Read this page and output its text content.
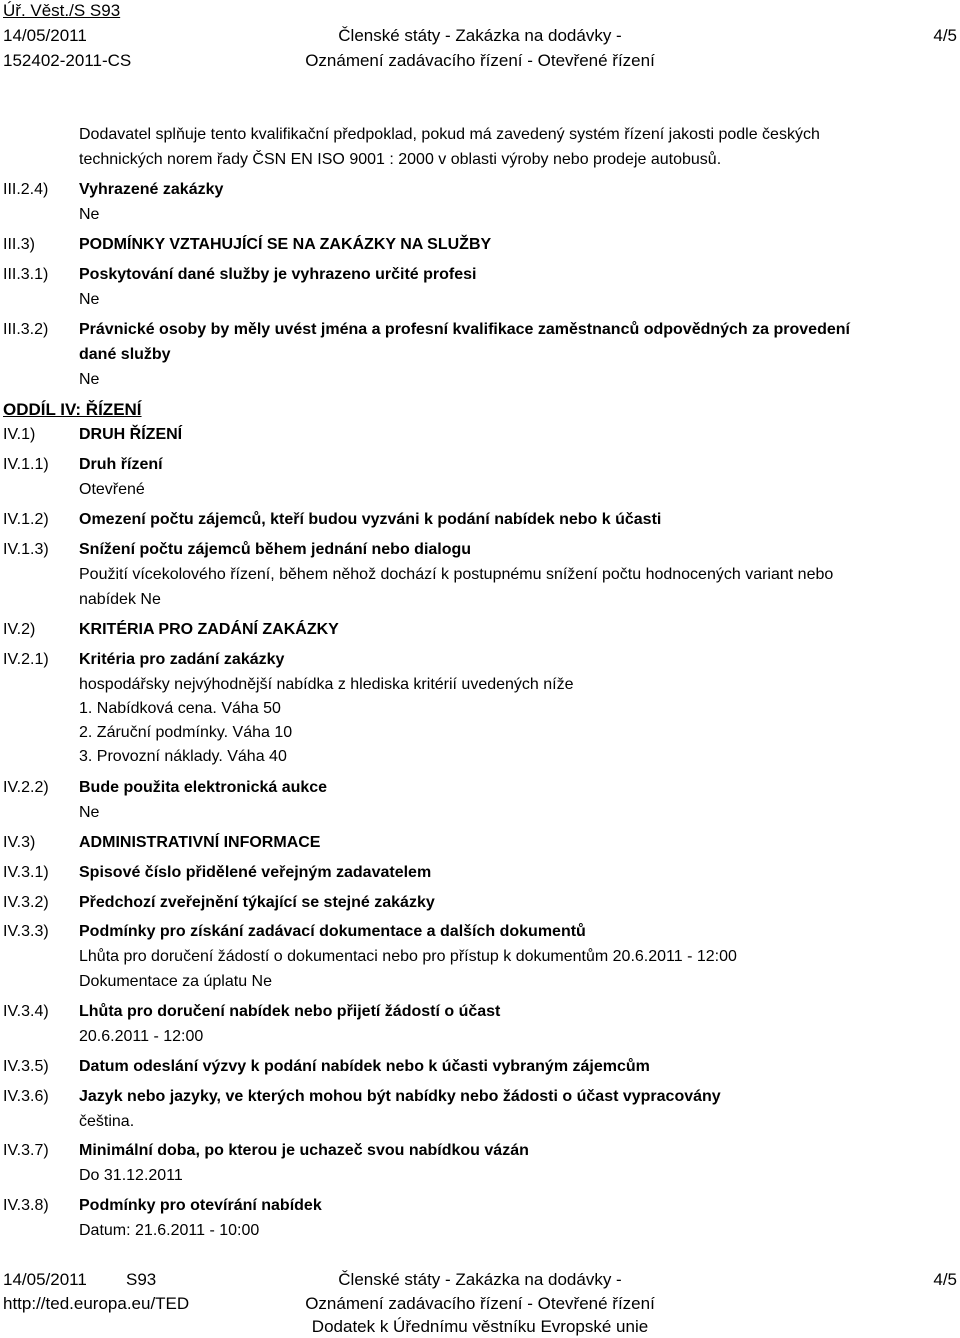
Úř. Věst./S S93
14/05/2011
152402-2011-CS
Členské státy - Zakázka na dodávky -
Oznámení zadávacího řízení - Otevřené řízení
4/5
Dodavatel splňuje tento kvalifikační předpoklad, pokud má zavedený systém řízení jakosti podle českých
technických norem řady ČSN EN ISO 9001 : 2000 v oblasti výroby nebo prodeje autobusů.
III.2.4) Vyhrazené zakázky
Ne
III.3)	PODMÍNKY VZTAHUJÍCÍ SE NA ZAKÁZKY NA SLUŽBY
III.3.1) Poskytování dané služby je vyhrazeno určité profesi
Ne
III.3.2) Právnické osoby by měly uvést jména a profesní kvalifikace zaměstnanců odpovědných za provedení
dané služby
Ne
ODDÍL IV: ŘÍZENÍ
IV.1)	DRUH ŘÍZENÍ
IV.1.1) Druh řízení
Otevřené
IV.1.2) Omezení počtu zájemců, kteří budou vyzváni k podání nabídek nebo k účasti
IV.1.3) Snížení počtu zájemců během jednání nebo dialogu
Použití vícekolového řízení, během něhož dochází k postupnému snížení počtu hodnocených variant nebo
nabídek Ne
IV.2)	KRITÉRIA PRO ZADÁNÍ ZAKÁZKY
IV.2.1) Kritéria pro zadání zakázky
hospodářsky nejvýhodnější nabídka z hlediska kritérií uvedených níže
1. Nabídková cena. Váha 50
2. Záruční podmínky. Váha 10
3. Provozní náklady. Váha 40
IV.2.2) Bude použita elektronická aukce
Ne
IV.3)	ADMINISTRATIVNÍ INFORMACE
IV.3.1) Spisové číslo přidělené veřejným zadavatelem
IV.3.2) Předchozí zveřejnění týkající se stejné zakázky
IV.3.3) Podmínky pro získání zadávací dokumentace a dalších dokumentů
Lhůta pro doručení žádostí o dokumentaci nebo pro přístup k dokumentům 20.6.2011 - 12:00
Dokumentace za úplatu Ne
IV.3.4) Lhůta pro doručení nabídek nebo přijetí žádostí o účast
20.6.2011 - 12:00
IV.3.5) Datum odeslání výzvy k podání nabídek nebo k účasti vybraným zájemcům
IV.3.6) Jazyk nebo jazyky, ve kterých mohou být nabídky nebo žádosti o účast vypracovány
čeština.
IV.3.7) Minimální doba, po kterou je uchazeč svou nabídkou vázán
Do 31.12.2011
IV.3.8) Podmínky pro otevírání nabídek
Datum: 21.6.2011 - 10:00
14/05/2011 S93
http://ted.europa.eu/TED
Členské státy - Zakázka na dodávky -
Oznámení zadávacího řízení - Otevřené řízení
Dodatek k Úřednímu věstníku Evropské unie
4/5
